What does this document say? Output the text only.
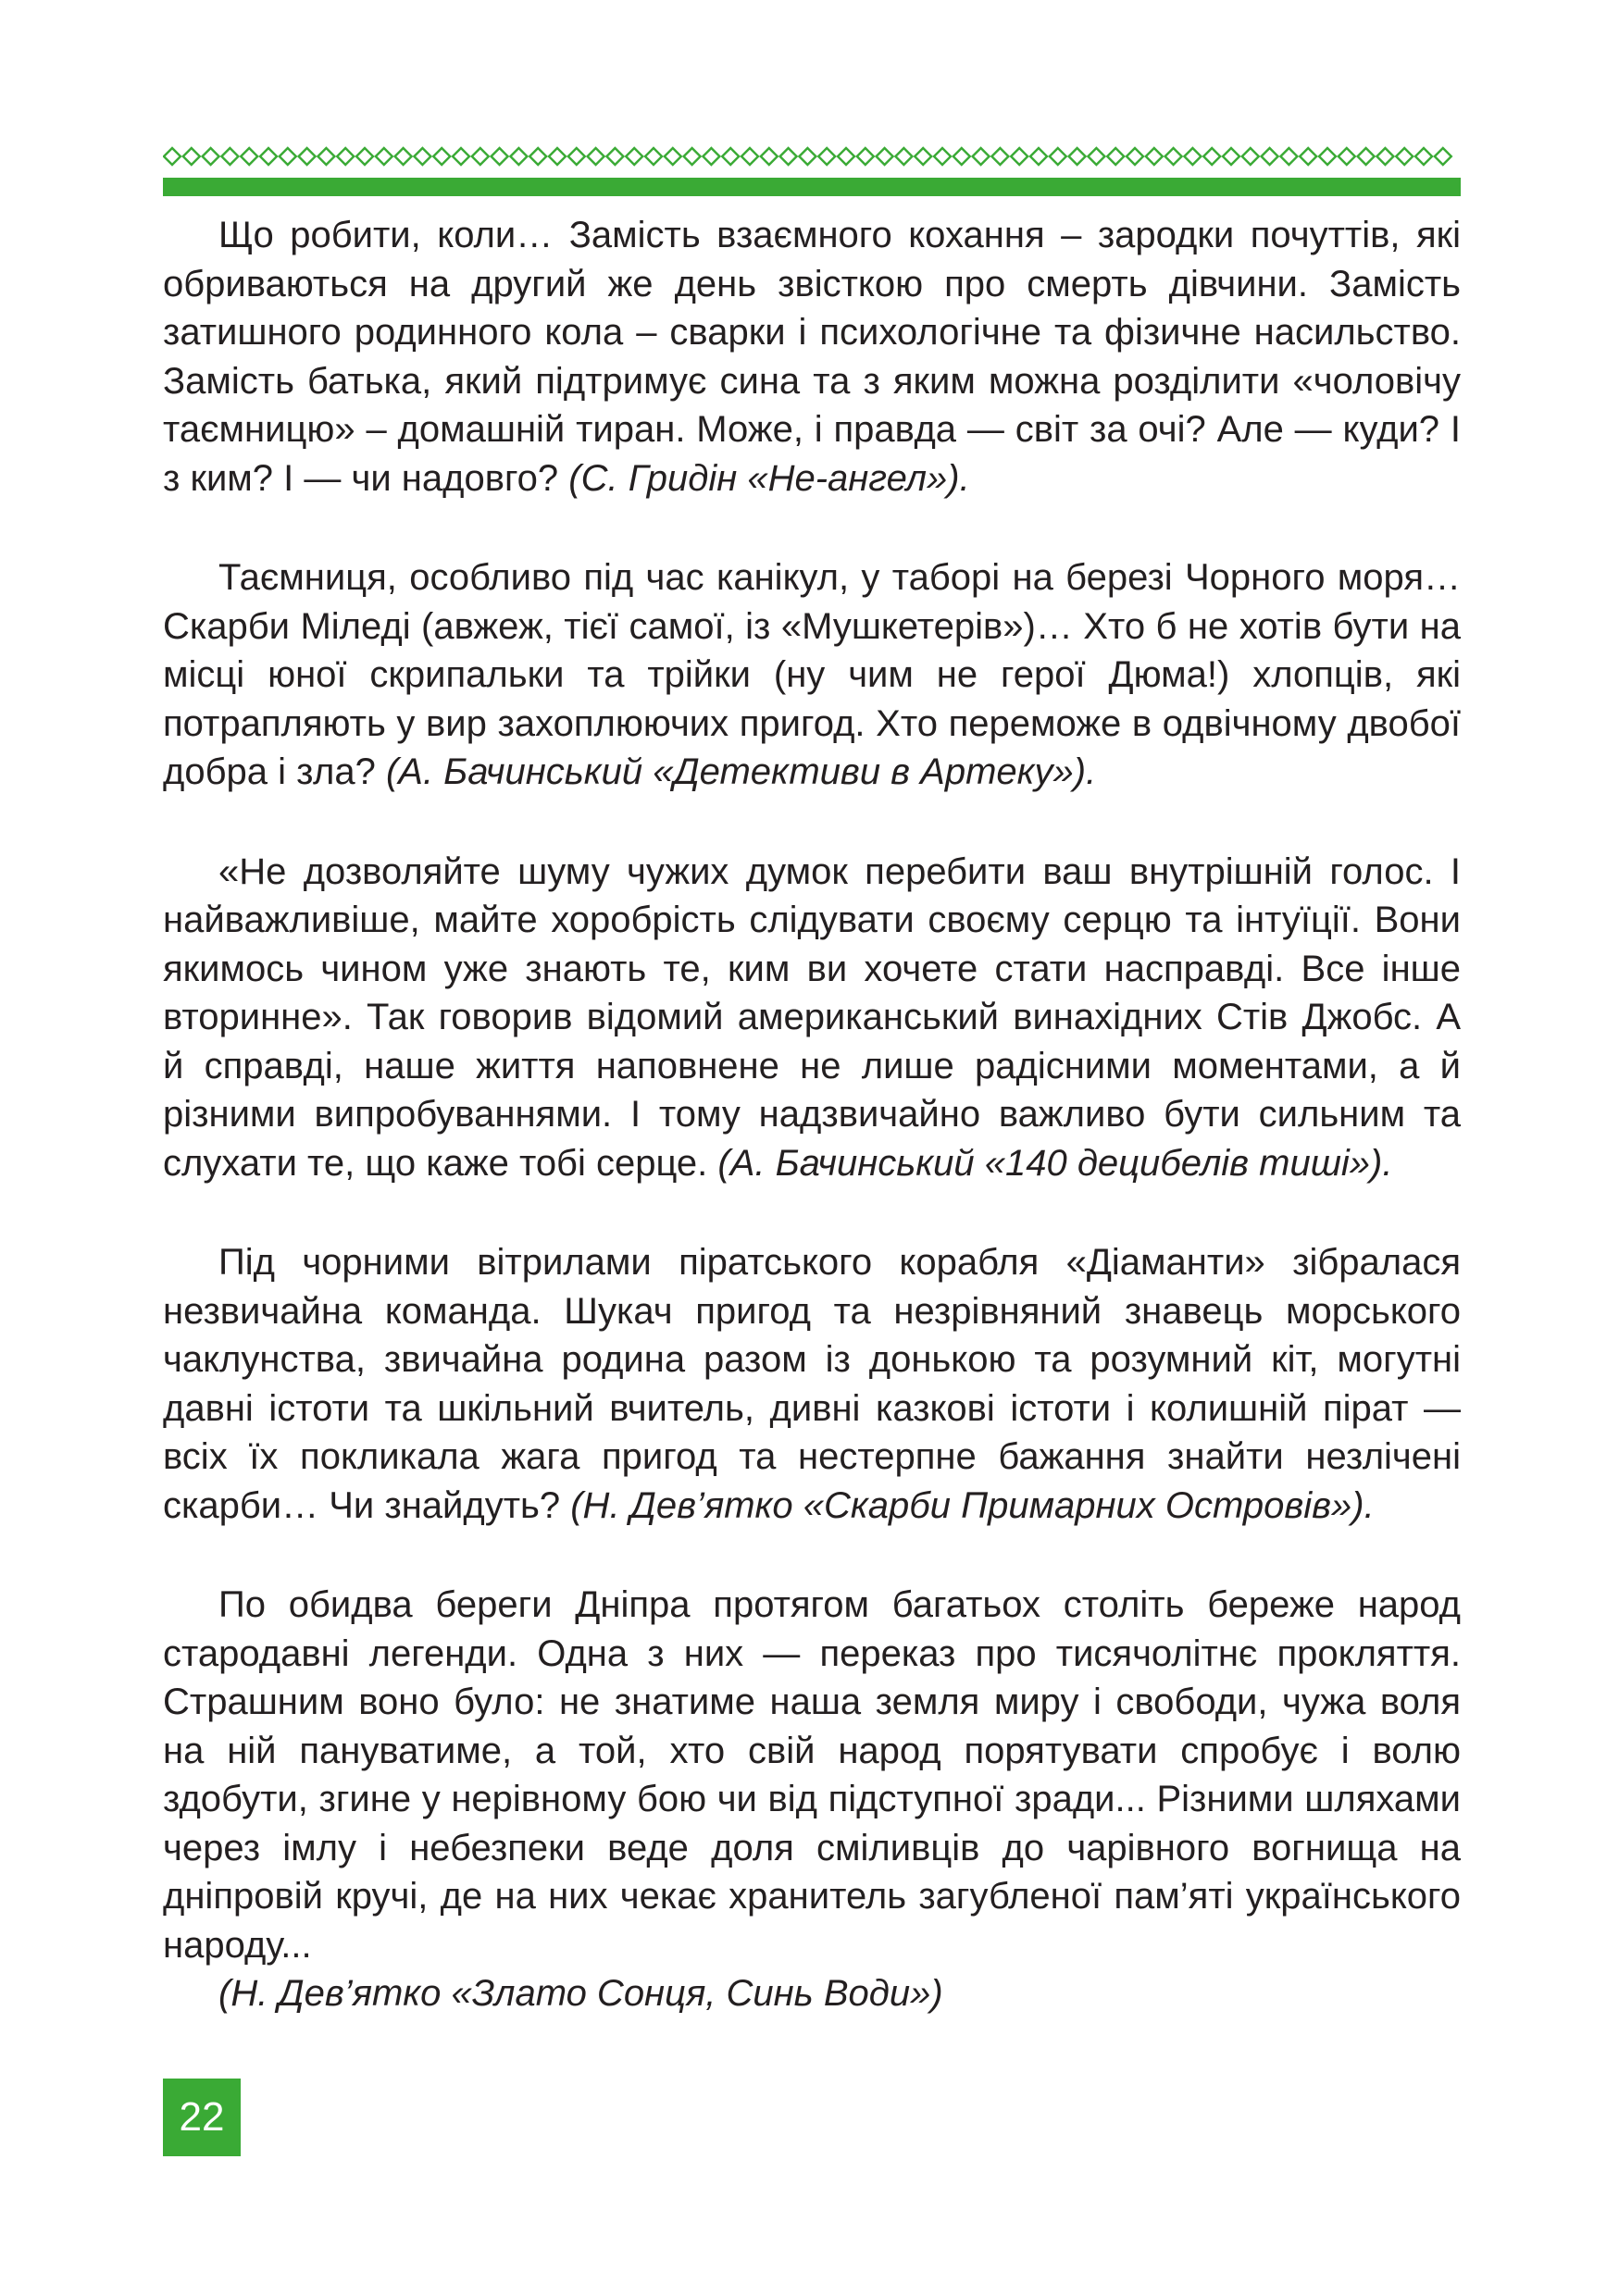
Що робити, коли… Замість взаємного кохання – зародки почуттів, які обриваються на другий же день звісткою про смерть дівчини. Замість затишного родинного кола – сварки і психологічне та фізичне насильство. Замість батька, який підтримує сина та з яким можна розділити «чоловічу таємницю» – домашній тиран. Може, і правда — світ за очі? Але — куди? І з ким? І — чи надовго? (С. Гридін «Не-ангел»).

Таємниця, особливо під час канікул, у таборі на березі Чорного моря… Скарби Міледі (авжеж, тієї самої, із «Мушкетерів»)… Хто б не хотів бути на місці юної скрипальки та трійки (ну чим не герої Дюма!) хлопців, які потрапляють у вир захоплюючих пригод. Хто переможе в одвічному двобої добра і зла? (А. Бачинський «Детективи в Артеку»).

«Не дозволяйте шуму чужих думок перебити ваш внутрішній голос. І найважливіше, майте хоробрість слідувати своєму серцю та інтуїції. Вони якимось чином уже знають те, ким ви хочете стати насправді. Все інше вторинне». Так говорив відомий американський винахідних Стів Джобс. А й справді, наше життя наповнене не лише радісними моментами, а й різними випробуваннями. І тому надзвичайно важливо бути сильним та слухати те, що каже тобі серце. (А. Бачинський «140 децибелів тиші»).

Під чорними вітрилами піратського корабля «Діаманти» зібралася незвичайна команда. Шукач пригод та незрівняний знавець морського чаклунства, звичайна родина разом із донькою та розумний кіт, могутні давні істоти та шкільний вчитель, дивні казкові істоти і колишній пірат — всіх їх покликала жага пригод та нестерпне бажання знайти незлічені скарби… Чи знайдуть? (Н. Дев’ятко «Скарби Примарних Островів»).

По обидва береги Дніпра протягом багатьох століть береже народ стародавні легенди. Одна з них — переказ про тисячолітнє прокляття. Страшним воно було: не знатиме наша земля миру і свободи, чужа воля на ній пануватиме, а той, хто свій народ порятувати спробує і волю здобути, згине у нерівному бою чи від підступної зради... Різними шляхами через імлу і небезпеки веде доля сміливців до чарівного вогнища на дніпровій кручі, де на них чекає хранитель загубленої пам’яті українського народу...

(Н. Дев’ятко «Злато Сонця, Синь Води»)

22
